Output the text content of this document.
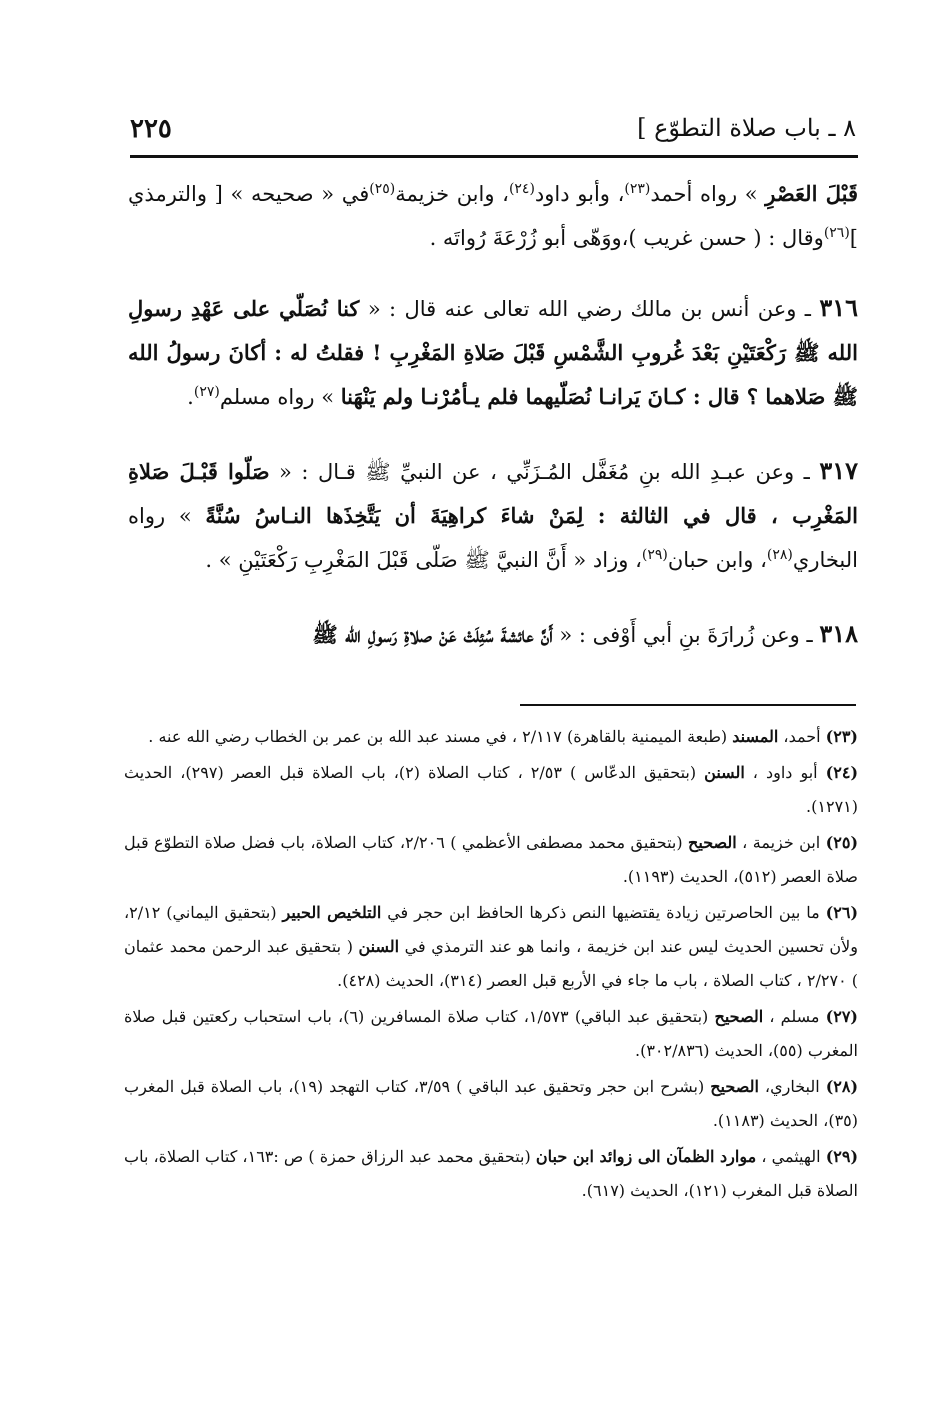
٨ ـ باب صلاة التطوّع ]
٢٢٥

قَبْلَ العَصْرِ » رواه أحمد$^{(٢٣)}$، وأبو داود$^{(٢٤)}$، وابن خزيمة$^{(٢٥)}$في « صحيحه » [ والترمذي ]$^{(٢٦)}$وقال : ( حسن غريب )،ووَهّى أبو زُرْعَةَ رُواتَه .

٣١٦ ـ وعن أنس بن مالك رضي الله تعالى عنه قال : « كنا نُصَلّي على عَهْدِ رسولِ الله ﷺ رَكْعَتَيْنِ بَعْدَ غُروبِ الشَّمْسِ قَبْلَ صَلاةِ المَغْرِبِ ! فقلتُ له : أكانَ رسولُ الله ﷺ صَلاهما ؟ قال : كـانَ يَرانـا نُصَلّيهما فلم يـأمُرْنـا ولم يَنْهَنا » رواه مسلم$^{(٢٧)}$.

٣١٧ ـ وعن عبـدِ الله بنِ مُغَفَّل المُـزَنِّي ، عن النبيِّ ﷺ قـال : « صَلّوا قَبْـلَ صَلاةِ المَغْرِب ، قال في الثالثة : لِمَنْ شاءَ كراهِيَةَ أن يَتَّخِذَها النـاسُ سُنَّةً » رواه البخاري$^{(٢٨)}$، وابن حبان$^{(٢٩)}$، وزاد « أَنَّ النبيَّ ﷺ صَلّى قَبْلَ المَغْرِبِ رَكْعَتَيْنِ » .

٣١٨ ـ وعن زُرارَةَ بنِ أبي أَوْفى : « أَنَّ عائشةَ سُئِلَتْ عَنْ صلاةِ رَسولِ الله ﷺ

(٢٣) أحمد، المسند (طبعة الميمنية بالقاهرة) ٢/١١٧ ، في مسند عبد الله بن عمر بن الخطاب رضي الله عنه .
(٢٤) أبو داود ، السنن (بتحقيق الدعّاس ) ٢/٥٣ ، كتاب الصلاة (٢)، باب الصلاة قبل العصر (٢٩٧)، الحديث (١٢٧١).
(٢٥) ابن خزيمة ، الصحيح (بتحقيق محمد مصطفى الأعظمي ) ٢/٢٠٦، كتاب الصلاة، باب فضل صلاة التطوّع قبل صلاة العصر (٥١٢)، الحديث (١١٩٣).
(٢٦) ما بين الحاصرتين زيادة يقتضيها النص ذكرها الحافظ ابن حجر في التلخيص الحبير (بتحقيق اليماني) ٢/١٢، ولأن تحسين الحديث ليس عند ابن خزيمة ، وانما هو عند الترمذي في السنن ( بتحقيق عبد الرحمن محمد عثمان ) ٢/٢٧٠ ، كتاب الصلاة ، باب ما جاء في الأربع قبل العصر (٣١٤)، الحديث (٤٢٨).
(٢٧) مسلم ، الصحيح (بتحقيق عبد الباقي) ١/٥٧٣، كتاب صلاة المسافرين (٦)، باب استحباب ركعتين قبل صلاة المغرب (٥٥)، الحديث (٣٠٢/٨٣٦).
(٢٨) البخاري، الصحيح (بشرح ابن حجر وتحقيق عبد الباقي ) ٣/٥٩، كتاب التهجد (١٩)، باب الصلاة قبل المغرب (٣٥)، الحديث (١١٨٣).
(٢٩) الهيثمي ، موارد الظمآن الى زوائد ابن حبان (بتحقيق محمد عبد الرزاق حمزة ) ص :١٦٣، كتاب الصلاة، باب الصلاة قبل المغرب (١٢١)، الحديث (٦١٧).
